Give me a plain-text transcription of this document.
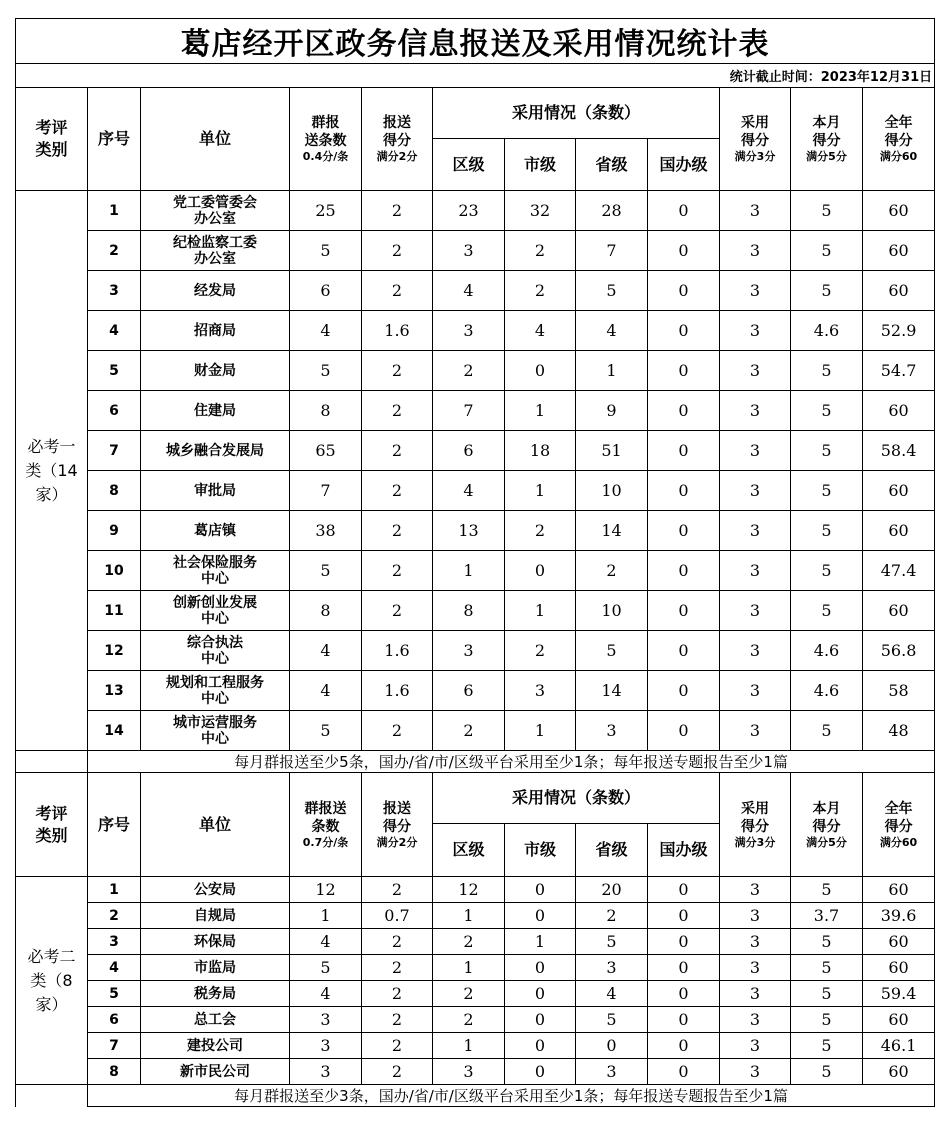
葛店经开区政务信息报送及采用情况统计表											
统计截止时间：2023年12月31日											
考评
类别	序号	单位	群报
送条数
0.4分/条	报送
得分
满分2分	采用情况（条数）				采用
得分
满分3分	本月
得分
满分5分	全年
得分
满分60

					区级	市级	省级	国办级			
必考一
类（14
家）	1	党工委管委会
办公室	25	2	23	32	28	0	3	5	60
	2	纪检监察工委
办公室	5	2	3	2	7	0	3	5	60
	3	经发局	6	2	4	2	5	0	3	5	60
	4	招商局	4	1.6	3	4	4	0	3	4.6	52.9
	5	财金局	5	2	2	0	1	0	3	5	54.7
	6	住建局	8	2	7	1	9	0	3	5	60
	7	城乡融合发展局	65	2	6	18	51	0	3	5	58.4
	8	审批局	7	2	4	1	10	0	3	5	60
	9	葛店镇	38	2	13	2	14	0	3	5	60
	10	社会保险服务
中心	5	2	1	0	2	0	3	5	47.4
	11	创新创业发展
中心	8	2	8	1	10	0	3	5	60
	12	综合执法
中心	4	1.6	3	2	5	0	3	4.6	56.8
	13	规划和工程服务
中心	4	1.6	6	3	14	0	3	4.6	58
	14	城市运营服务
中心	5	2	2	1	3	0	3	5	48
	每月群报送至少5条，国办/省/市/区级平台采用至少1条；每年报送专题报告至少1篇										
考评
类别	序号	单位	群报送
条数
0.7分/条	报送
得分
满分2分	采用情况（条数）				采用
得分
满分3分	本月
得分
满分5分	全年
得分
满分60

					区级	市级	省级	国办级			
必考二
类（8
家）	1	公安局	12	2	12	0	20	0	3	5	60
	2	自规局	1	0.7	1	0	2	0	3	3.7	39.6
	3	环保局	4	2	2	1	5	0	3	5	60
	4	市监局	5	2	1	0	3	0	3	5	60
	5	税务局	4	2	2	0	4	0	3	5	59.4
	6	总工会	3	2	2	0	5	0	3	5	60
	7	建投公司	3	2	1	0	0	0	3	5	46.1
	8	新市民公司	3	2	3	0	3	0	3	5	60
	每月群报送至少3条，国办/省/市/区级平台采用至少1条；每年报送专题报告至少1篇										
